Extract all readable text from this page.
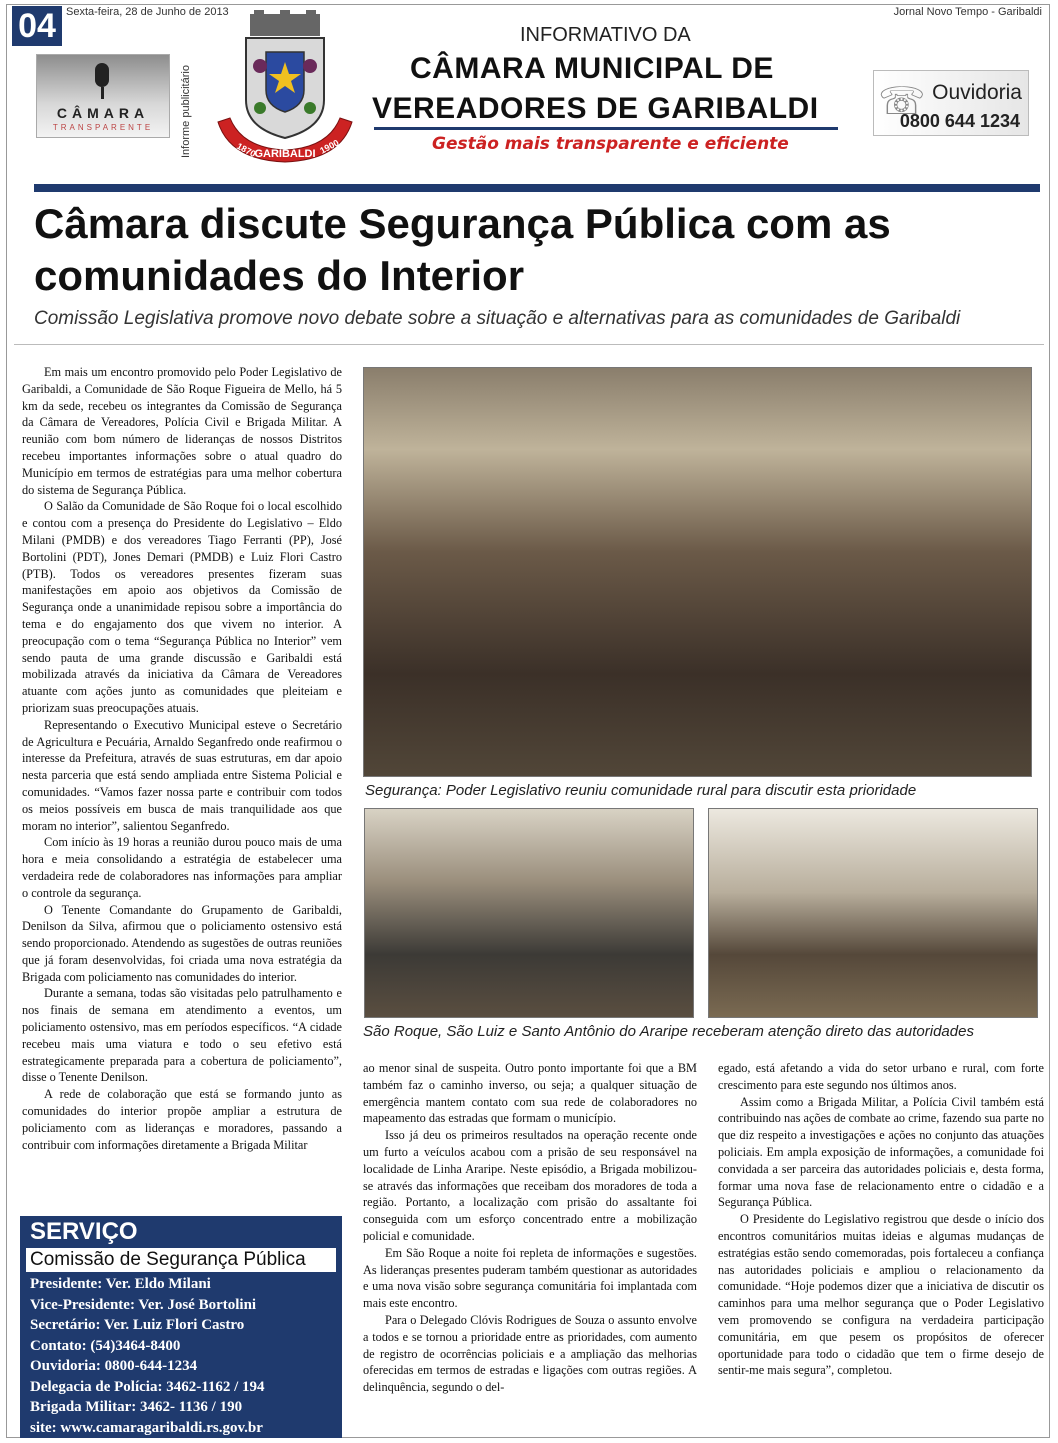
04 Sexta-feira, 28 de Junho de 2013	Jornal Novo Tempo - Garibaldi
CÂMARA
TRANSPARENTE	Informe publicitário	GARIBALDI
1870	1900
INFORMATIVO DA
CÂMARA MUNICIPAL DE
VEREADORES DE GARIBALDI
Gestão mais transparente e eficiente
☏ Ouvidoria
0800 644 1234
Câmara discute Segurança Pública com as comunidades do Interior
Comissão Legislativa promove novo debate sobre a situação e alternativas para as comunidades de Garibaldi

Em mais um encontro promovido pelo Poder Legislativo de Garibaldi, a Comunidade de São Roque Figueira de Mello, há 5 km da sede, recebeu os integrantes da Comissão de Segurança da Câmara de Vereadores, Polícia Civil e Brigada Militar. A reunião com bom número de lideranças de nossos Distritos recebeu importantes informações sobre o atual quadro do Município em termos de estratégias para uma melhor cobertura do sistema de Segurança Pública.

O Salão da Comunidade de São Roque foi o local escolhido e contou com a presença do Presidente do Legislativo – Eldo Milani (PMDB) e dos vereadores Tiago Ferranti (PP), José Bortolini (PDT), Jones Demari (PMDB) e Luiz Flori Castro (PTB). Todos os vereadores presentes fizeram suas manifestações em apoio aos objetivos da Comissão de Segurança onde a unanimidade repisou sobre a importância do tema e do engajamento dos que vivem no interior. A preocupação com o tema “Segurança Pública no Interior” vem sendo pauta de uma grande discussão e Garibaldi está mobilizada através da iniciativa da Câmara de Vereadores atuante com ações junto as comunidades que pleiteiam e priorizam suas preocupações atuais.

Representando o Executivo Municipal esteve o Secretário de Agricultura e Pecuária, Arnaldo Seganfredo onde reafirmou o interesse da Prefeitura, através de suas estruturas, em dar apoio nesta parceria que está sendo ampliada entre Sistema Policial e comunidades. “Vamos fazer nossa parte e contribuir com todos os meios possíveis em busca de mais tranquilidade aos que moram no interior”, salientou Seganfredo.

Com início às 19 horas a reunião durou pouco mais de uma hora e meia consolidando a estratégia de estabelecer uma verdadeira rede de colaboradores nas informações para ampliar o controle da segurança.

O Tenente Comandante do Grupamento de Garibaldi, Denilson da Silva, afirmou que o policiamento ostensivo está sendo proporcionado. Atendendo as sugestões de outras reuniões que já foram desenvolvidas, foi criada uma nova estratégia da Brigada com policiamento nas comunidades do interior.

Durante a semana, todas são visitadas pelo patrulhamento e nos finais de semana em atendimento a eventos, um policiamento ostensivo, mas em períodos específicos. “A cidade recebeu mais uma viatura e todo o seu efetivo está estrategicamente preparada para a cobertura de policiamento”, disse o Tenente Denilson.

A rede de colaboração que está se formando junto as comunidades do interior propõe ampliar a estrutura de policiamento com as lideranças e moradores, passando a contribuir com informações diretamente a Brigada Militar

Segurança: Poder Legislativo reuniu comunidade rural para discutir esta prioridade
São Roque, São Luiz e Santo Antônio do Araripe receberam atenção direto das autoridades

ao menor sinal de suspeita. Outro ponto importante foi que a BM também faz o caminho inverso, ou seja; a qualquer situação de emergência mantem contato com sua rede de colaboradores no mapeamento das estradas que formam o município.

Isso já deu os primeiros resultados na operação recente onde um furto a veículos acabou com a prisão de seu responsável na localidade de Linha Araripe. Neste episódio, a Brigada mobilizou-se através das informações que receibam dos moradores de toda a região. Portanto, a localização com prisão do assaltante foi conseguida com um esforço concentrado entre a mobilização policial e comunidade.

Em São Roque a noite foi repleta de informações e sugestões. As lideranças presentes puderam também questionar as autoridades e uma nova visão sobre segurança comunitária foi implantada com mais este encontro.

Para o Delegado Clóvis Rodrigues de Souza o assunto envolve a todos e se tornou a prioridade entre as prioridades, com aumento de registro de ocorrências policiais e a ampliação das melhorias oferecidas em termos de estradas e ligações com outras regiões. A delinquência, segundo o del-

egado, está afetando a vida do setor urbano e rural, com forte crescimento para este segundo nos últimos anos.

Assim como a Brigada Militar, a Polícia Civil também está contribuindo nas ações de combate ao crime, fazendo sua parte no que diz respeito a investigações e ações no conjunto das atuações policiais. Em ampla exposição de informações, a comunidade foi convidada a ser parceira das autoridades policiais e, desta forma, formar uma nova fase de relacionamento entre o cidadão e a Segurança Pública.

O Presidente do Legislativo registrou que desde o início dos encontros comunitários muitas ideias e algumas mudanças de estratégias estão sendo comemoradas, pois fortaleceu a confiança nas autoridades policiais e ampliou o relacionamento da comunidade. “Hoje podemos dizer que a iniciativa de discutir os caminhos para uma melhor segurança que o Poder Legislativo vem promovendo se configura na verdadeira participação comunitária, em que pesem os propósitos de oferecer oportunidade para todo o cidadão que tem o firme desejo de sentir-me mais segura”, completou.

SERVIÇO
Comissão de Segurança Pública
Presidente: Ver. Eldo Milani
Vice-Presidente: Ver. José Bortolini
Secretário: Ver. Luiz Flori Castro
Contato: (54)3464-8400
Ouvidoria: 0800-644-1234
Delegacia de Polícia: 3462-1162 / 194
Brigada Militar: 3462- 1136 / 190
site: www.camaragaribaldi.rs.gov.br
